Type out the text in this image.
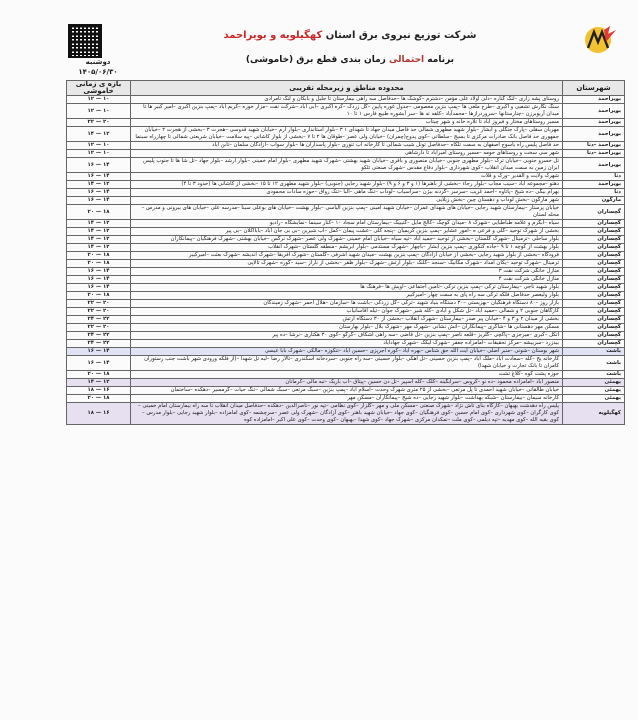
شرکت توزیع نیروی برق استان کهگیلویه و بویراحمد
برنامه احتمالی زمان بندی قطع برق (خاموشی)
دوشنبه
۱۴۰۵/۰۶/۳۰
شهرستان	محدوده مناطق و زیرمحله تقریبی	بازه ی زمانی خاموشی
بویراحمد	روستای پشه زاری –لنگ گناره –دلی اولاد علی مؤمن –دشترم –کوشک ها –حدفاصل سه راهی بیمارستان تا جلیل و بابکان و لنگ تامرادی	۱۲ — ۱۰
بویراحمد	سنگ نگارش تشفیی و اکبری –طرح ملغی ها –پمپ بنزین معصومی –جدول غوره پایین –گل زردک –کره اکبری –آبی آباد –شرکت نفت –مزار خوره –کریم آباد –پمپ بنزین اکبری –امیر کبیر ها تا میدان آریوبرزن –چنارستانها –سروردرازها –محمدآباد –کلفه ته ها –سر آبشوره طبیع فارس ۱ تا ۱۰	۱۲ — ۱۰
بویراحمد	مسیر روستاهای مختار و فیروز آباد تا تلاره خانه و شهر چیتاب	۲۲ — ۲۰
بویراحمد	مهربان سقلی –پارک جنگلی و آبشار –بلوار شهید مطهری شمالی حد فاصل میدان جهاد تا شهدای ۱ ۳ –بلوار استانداری –بلوار ارم –خیابان شهید قدوسی –هجرت ۳ –بخشی از هجرت ۲ –خیابان جمهوری حد فاصل بانک صادرات مرکزی تا بسیج –سلطانی –کوی پدوج(چمران) –خیابان ولی عصر –طوقان ها ۲ تا ۷ –بخشی از بلوار کاشانی –پیه سلامت –خیابان شریعتی شمالی تا چهارراه سینما	۱۴ — ۱۲
بویراحمد –دنا	حد فاصل پلیس راه یاسوج اصفهان به سمت تلکاه –حدفاصل تونل شیب شمالی تا کارخانه آب تنوری –بلوار پاسداران ها –بلوار سوآب –آزادگان سلمان –تابن آباد	۱۲ — ۱۰
بویراحمد –دنا	شهر سی سخت و روستاهای حومه –مسیر روستای امیرآباد تا دارشاهی	۱۲ — ۱۰
بویراحمد	تل خسرو جنوبی –خیابان ترک –بلوار مطهری جنوبی –خیابان منصوری و باقری –خیابان شهید بهشتی –شهرک شهید مطهری –بلوار امام خمینی –بلوار ارشد –بلوار جهاد –تل شا ها تا جنوب پلیس ایران زمین به سمت میدان انقلاب –کوی شهرداری –بلوار دفاع مقدس –شهرک صنعتی تلکو	۱۶ — ۱۴
دنا	شهرک ولایت و القدیر –ورک و قلات	۱۶ — ۱۴
بویراحمد	دهنو –مجموعه آباد –سیب مجاب –بلوار رجاء –بخشی از باهنرها (۱ و ۳ و ۶ و ۹) –بلوار شهید رجایی (جنوبی) –بلوار شهید مطهری ۱۲ تا ۱۵ –بخشی از کاشانی ها (حدود ۳ تا ۴)	۱۴ — ۱۲
دنا	بهرام بیگی –ده شیخ –پاتاوه –احمد غریب –سرسر –گردنه بیژن –سرآسیاب –لوداب –تنگ ماهی –آلبا –تنک رواق –حوزه سادات محمودی	۱۶ — ۱۴
مارگون	شهر مارگون –بخش لوداب و دهستان چین –بخش زیلایی	۱۶ — ۱۴
گچساران	خیابان پرستار –بیمارستان شهید رجایی –خیابان های شهدای عمران –خیابان شهید امینی –پمپ بنزین الیاسی –بلوار بهشت –خیابان های بوعلی سینا –مدرسه علی –خیابان های بیرونی و مدرس –محله لستان	۲۰ — ۱۸
گچساران	سیاه –آبگرم و علامه طباطبایی –شهرک ۸ –میدان کوچک –کالج مایل –گنیبیک –بیمارستان امام سجاد ۱۰ –کنار سینما –نمایشگاه –رادیو	۱۴ — ۱۲
گچساران	بخشی از شهرک توحید –گلی و فرعی ه –امور عشایر –پمپ بنزین کریمیان –پنجه کلی –عشت پیمان –کمل –آب شیرین –بی بی جان آباد –بابااکلان –بی پیر	۱۴ — ۱۲
گچساران	بلوار ساحلی –ترمینال –شهرک گلستان –بخشی از توحید –حمید آباد –تپه سیاه –خیابان امام خمینی –شهرک ولی عصر –شهرک نرگس –خیابان بهشتی –شهرک فرهنگیان –پیمانکاران	۱۴ — ۱۲
گچساران	بلوار بهشت از کوچه ۱ تا ۹ –جاده کنکوری –پمپ بنزین آبشار –باچهار –شهرک مستدمی –بلوار ابریشم –منطقه گلستان –شهرک انقلاب	۱۴ — ۱۲
گچساران	فرودگاه –بخشی از بلوار شهید رجایی –بخشی از خیابان آزادگان –پمپ بنزین بهشت –میدان شهید اشرفی –گلستان –شهرک آفریقا –شهرک اندیشه –شهرک بعثت –امیرکبیر	۲۰ — ۱۸
گچساران	ترمینال –شهرک توحید –یکان امداد –شهرک مکانیک –سنجد –گلنک –بلوار ارتش –شهرک –بلوار ظفر –بخشی از ناراز –سید –گوره –شهرک تالاپی	۲۰ — ۱۸
گچساران	منازل خانگی شرکت نفت ۳	۱۶ — ۱۴
گچساران	منازل خانگی شرکت نفت ۴	۱۶ — ۱۴
گچساران	بلوار شهید ناجی –بیمارستان ترکی –پمپ بنزین ترکی –تأمین اجتماعی –آویش ها –فرهنگ ها	۱۶ — ۱۴
گچساران	بلوار ولیعصر حدفاصل فلکه ترکی سه راه پای به سمت چهار –امیرکبیر	۲۰ — ۱۸
گچساران	بازار روز –۸۰ دستگاه فرهنگیان –بهزیستی –۳۰ دستگاه بنیاد شهید –ترکی –گل زردکی –باشت ها –سازمان –هلال احمر –شهرک زمیندگان	۲۲ — ۲۰
گچساران	کارگاهان جنوبی ۲ و شمالی –حمید آباد –تل شکل و آبادی –کله شیر –شهرک جوان –تیله آقاسانیاب	۲۲ — ۲۰
گچساران	بخشی از میدان ۲ و ۳ و ۴ –خیابان پیر صدر –بیمارستان –شهرک انقلاب –بخشی از ۳۰ دستگاه ارتش	۲۴ — ۲۲
گچساران	مسکن مهر دهستانی ها –شاگری –پیمانکاران –آتش نشانی –شهرک مهر –شهرک بلال –بلوار بهارستان	۲۲ — ۲۰
گچساران	آتکل –کبری –میرجزی –پاکچی –گلریز –قلعه ناصر –پمپ بنزین –تل قاضی –سه راهی اشکاف –گرگو –کوی ۳۰ هکتاری –نرشا –ده پیر	۲۴ — ۲۲
گچساران	بیدزرد –سربیشه –مرکز تحقیقات –امامزاده جعفر –شهرک لیکک –شهرک جهادآباد	۲۴ — ۲۲
باشت	شهر بوستان –شونی –منبر اصلی –خیابان آیت الله حق شناس –بهره آباد –کوره آجرپزی –حسین آباد –تنکوزه –مالکی –شهرک بابا عیسی	۱۶ — ۱۴
باشت	کارخانه یخ –کله –سعادت آباد –ملک آباد –پمپ بنزین حسینی –تل آهکی –بلوار حسینی –سه راه جنوبی –سردخانه اسکندری –تالار رضا –لبه تل شهدا –(از فلکه ورودی شهر باشت جنب رستوران کامران تا بانک تجارت و خیابان شهدا)	۱۶ — ۱۴
باشت	حوزه پشت کوه –کلاغ تشت	۲۰ — ۱۸
بهمئی	منصور آباد –امامزاده محمود –ده نو –کروس –سرآبگینه –کلک –کله آسپیر –تل دن حسین –پیتاق –آب باریک –تبه مالی –کرمانان	۱۴ — ۱۲
بهمئی	خیابان طالقانی –خیابان شهید احمدی تا پل مرتعی –بخشی از ۲۵ متری شهرک وحدت –اسلام آباد –پمپ بنزین –سبک مرتعی –سبک شمالی –تنگ حیات –گرمسیر –دهکده –ساختمان	۱۸ — ۱۶
بهمئی	کارخانه سیمان –بیمارستان –شبکه بهداشت –بلوار شهید رجایی –ده شیخ –پیمانکاران –مسکن مهر	۲۰ — ۱۸
کهگیلویه	پلیس راه دهدشت بهبهان –کارگاه بنای تاش نژاد –شهرک صنعتی –مسکن ملی و مهر –گلزار –کوی نظامی –تپه نور –ناصرالدین –دهکده –حدفاصل میدان انقلاب تا سه راه بیمارستان امام خمینی –کوی کارگران –کوی شهرداری –کوی امام حسین –کوی فرهنگیان –کوی جهاد –خیابان شهید باهنر –کوی آزادگان –شهرک ولی عصر –سرچشمه –کوی امامزاده –بلوار شهید رجایی –بلوار مدرس –کوی بقیه الله –کوی مهدیه –تپه دیلمی –کوی ملت –نمکدان مرکزی –شهرک جهاد –کوی شهدا –بهبهان –کوی وحدت –کوی علی اکبر –امامزاده کوه	۱۸ — ۱۶
